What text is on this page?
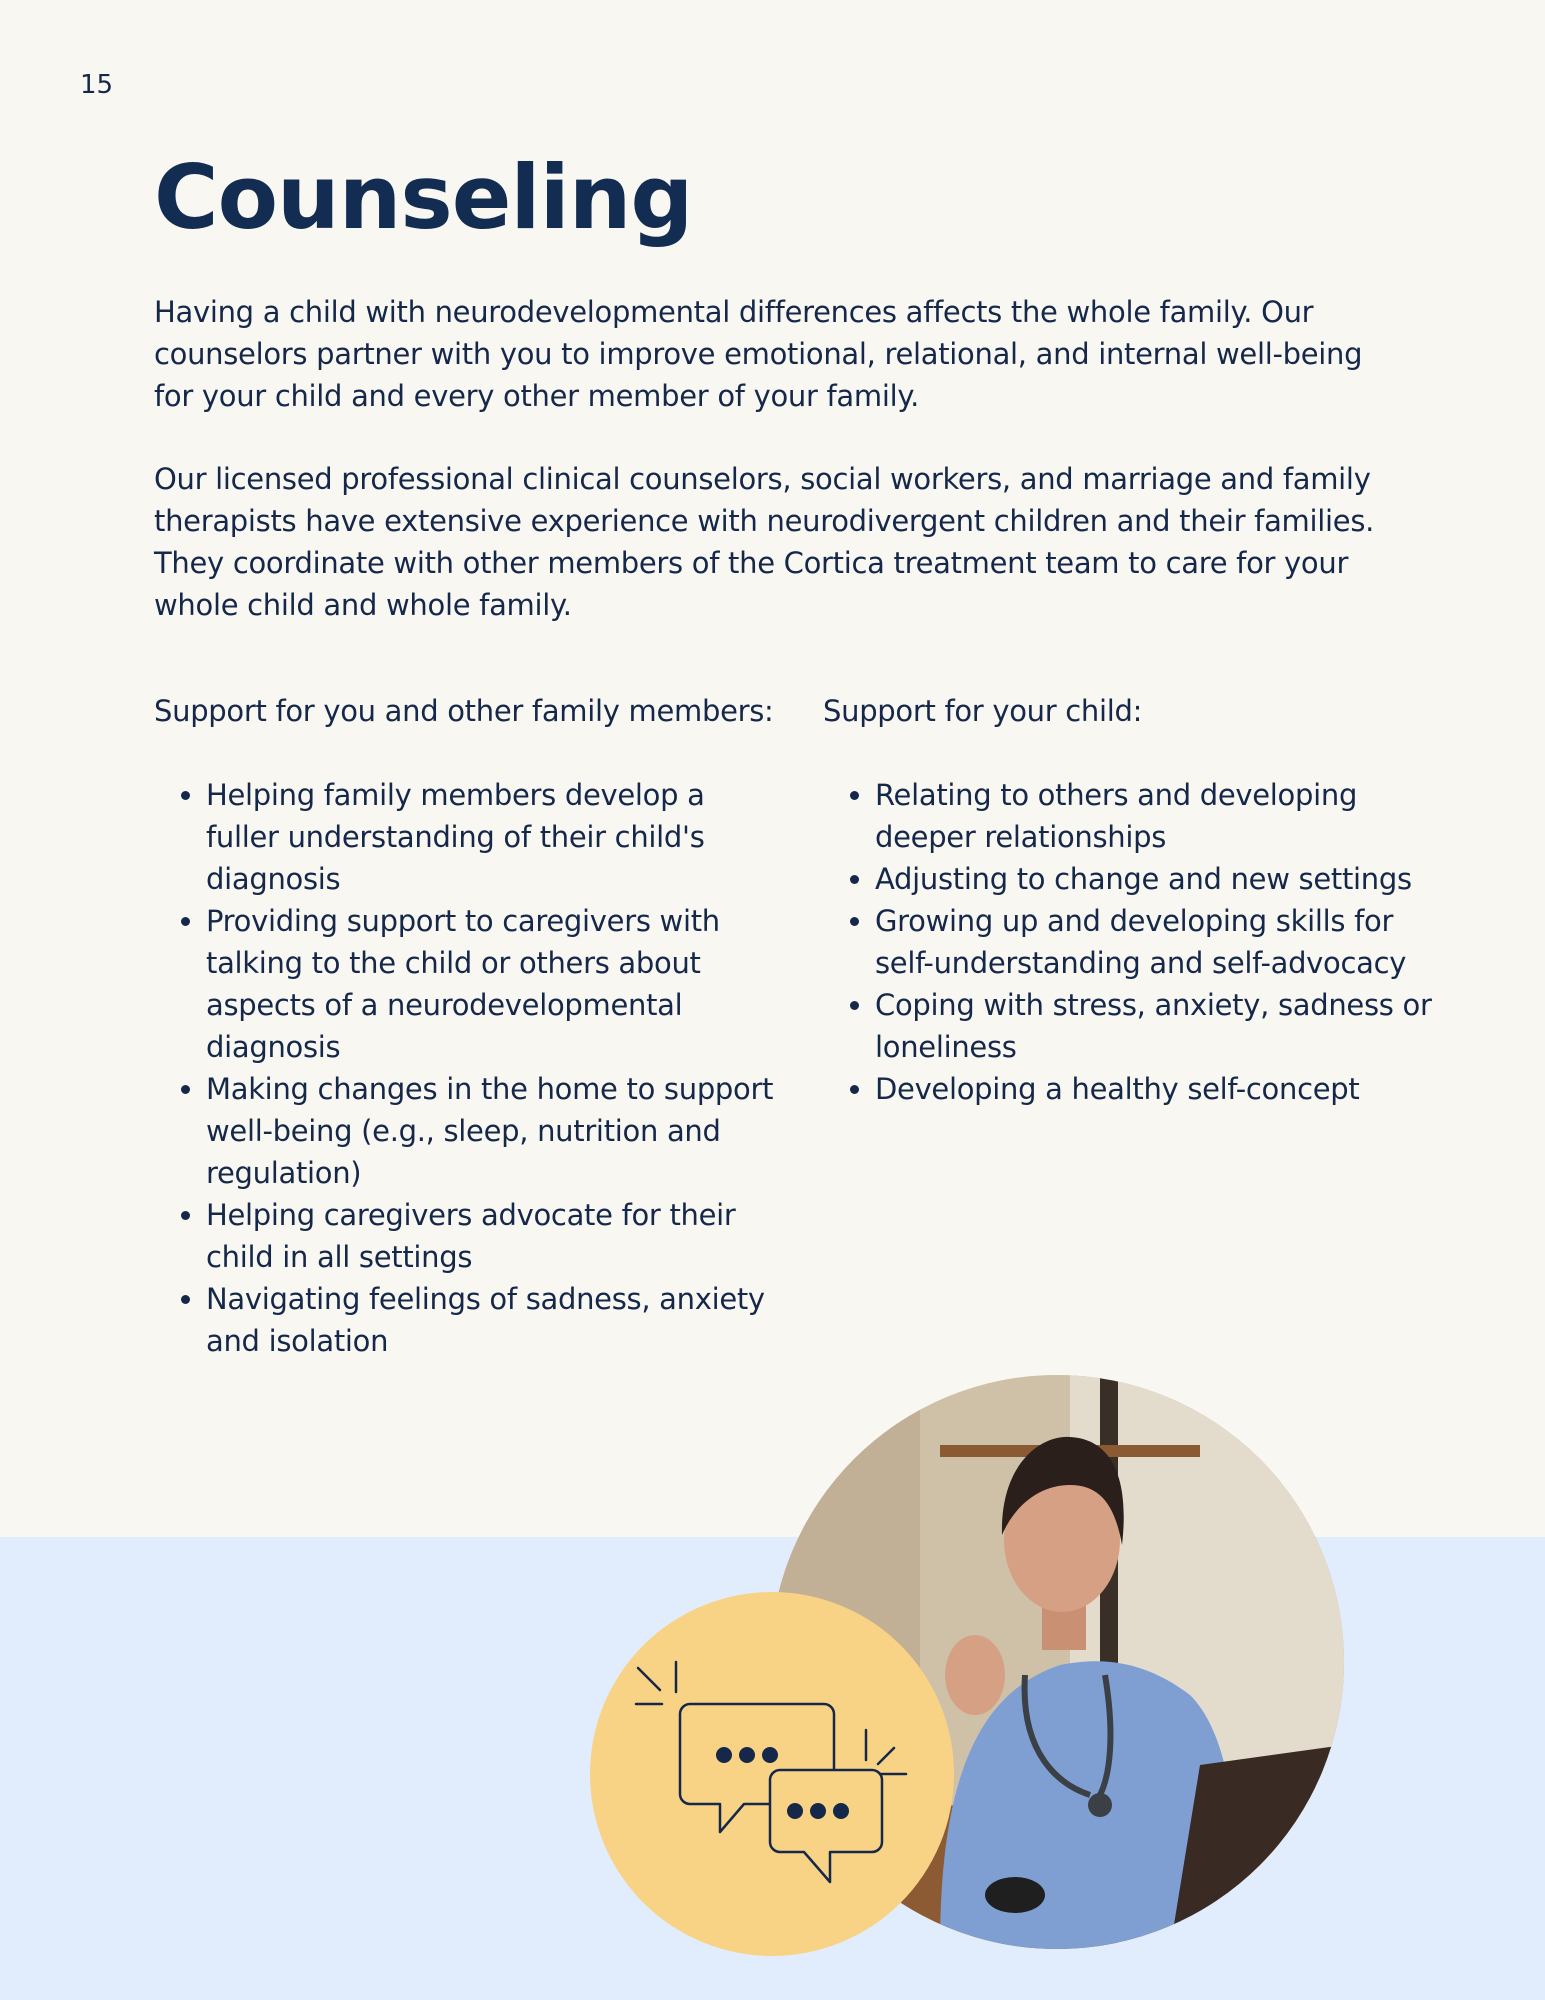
15
Counseling

Having a child with neurodevelopmental differences affects the whole family. Our counselors partner with you to improve emotional, relational, and internal well-being for your child and every other member of your family.

Our licensed professional clinical counselors, social workers, and marriage and family therapists have extensive experience with neurodivergent children and their families. They coordinate with other members of the Cortica treatment team to care for your whole child and whole family.

Support for you and other family members:

• Helping family members develop a fuller understanding of their child's diagnosis
• Providing support to caregivers with talking to the child or others about aspects of a neurodevelopmental diagnosis
• Making changes in the home to support well-being (e.g., sleep, nutrition and regulation)
• Helping caregivers advocate for their child in all settings
• Navigating feelings of sadness, anxiety and isolation

Support for your child:

• Relating to others and developing deeper relationships
• Adjusting to change and new settings
• Growing up and developing skills for self-understanding and self-advocacy
• Coping with stress, anxiety, sadness or loneliness
• Developing a healthy self-concept
